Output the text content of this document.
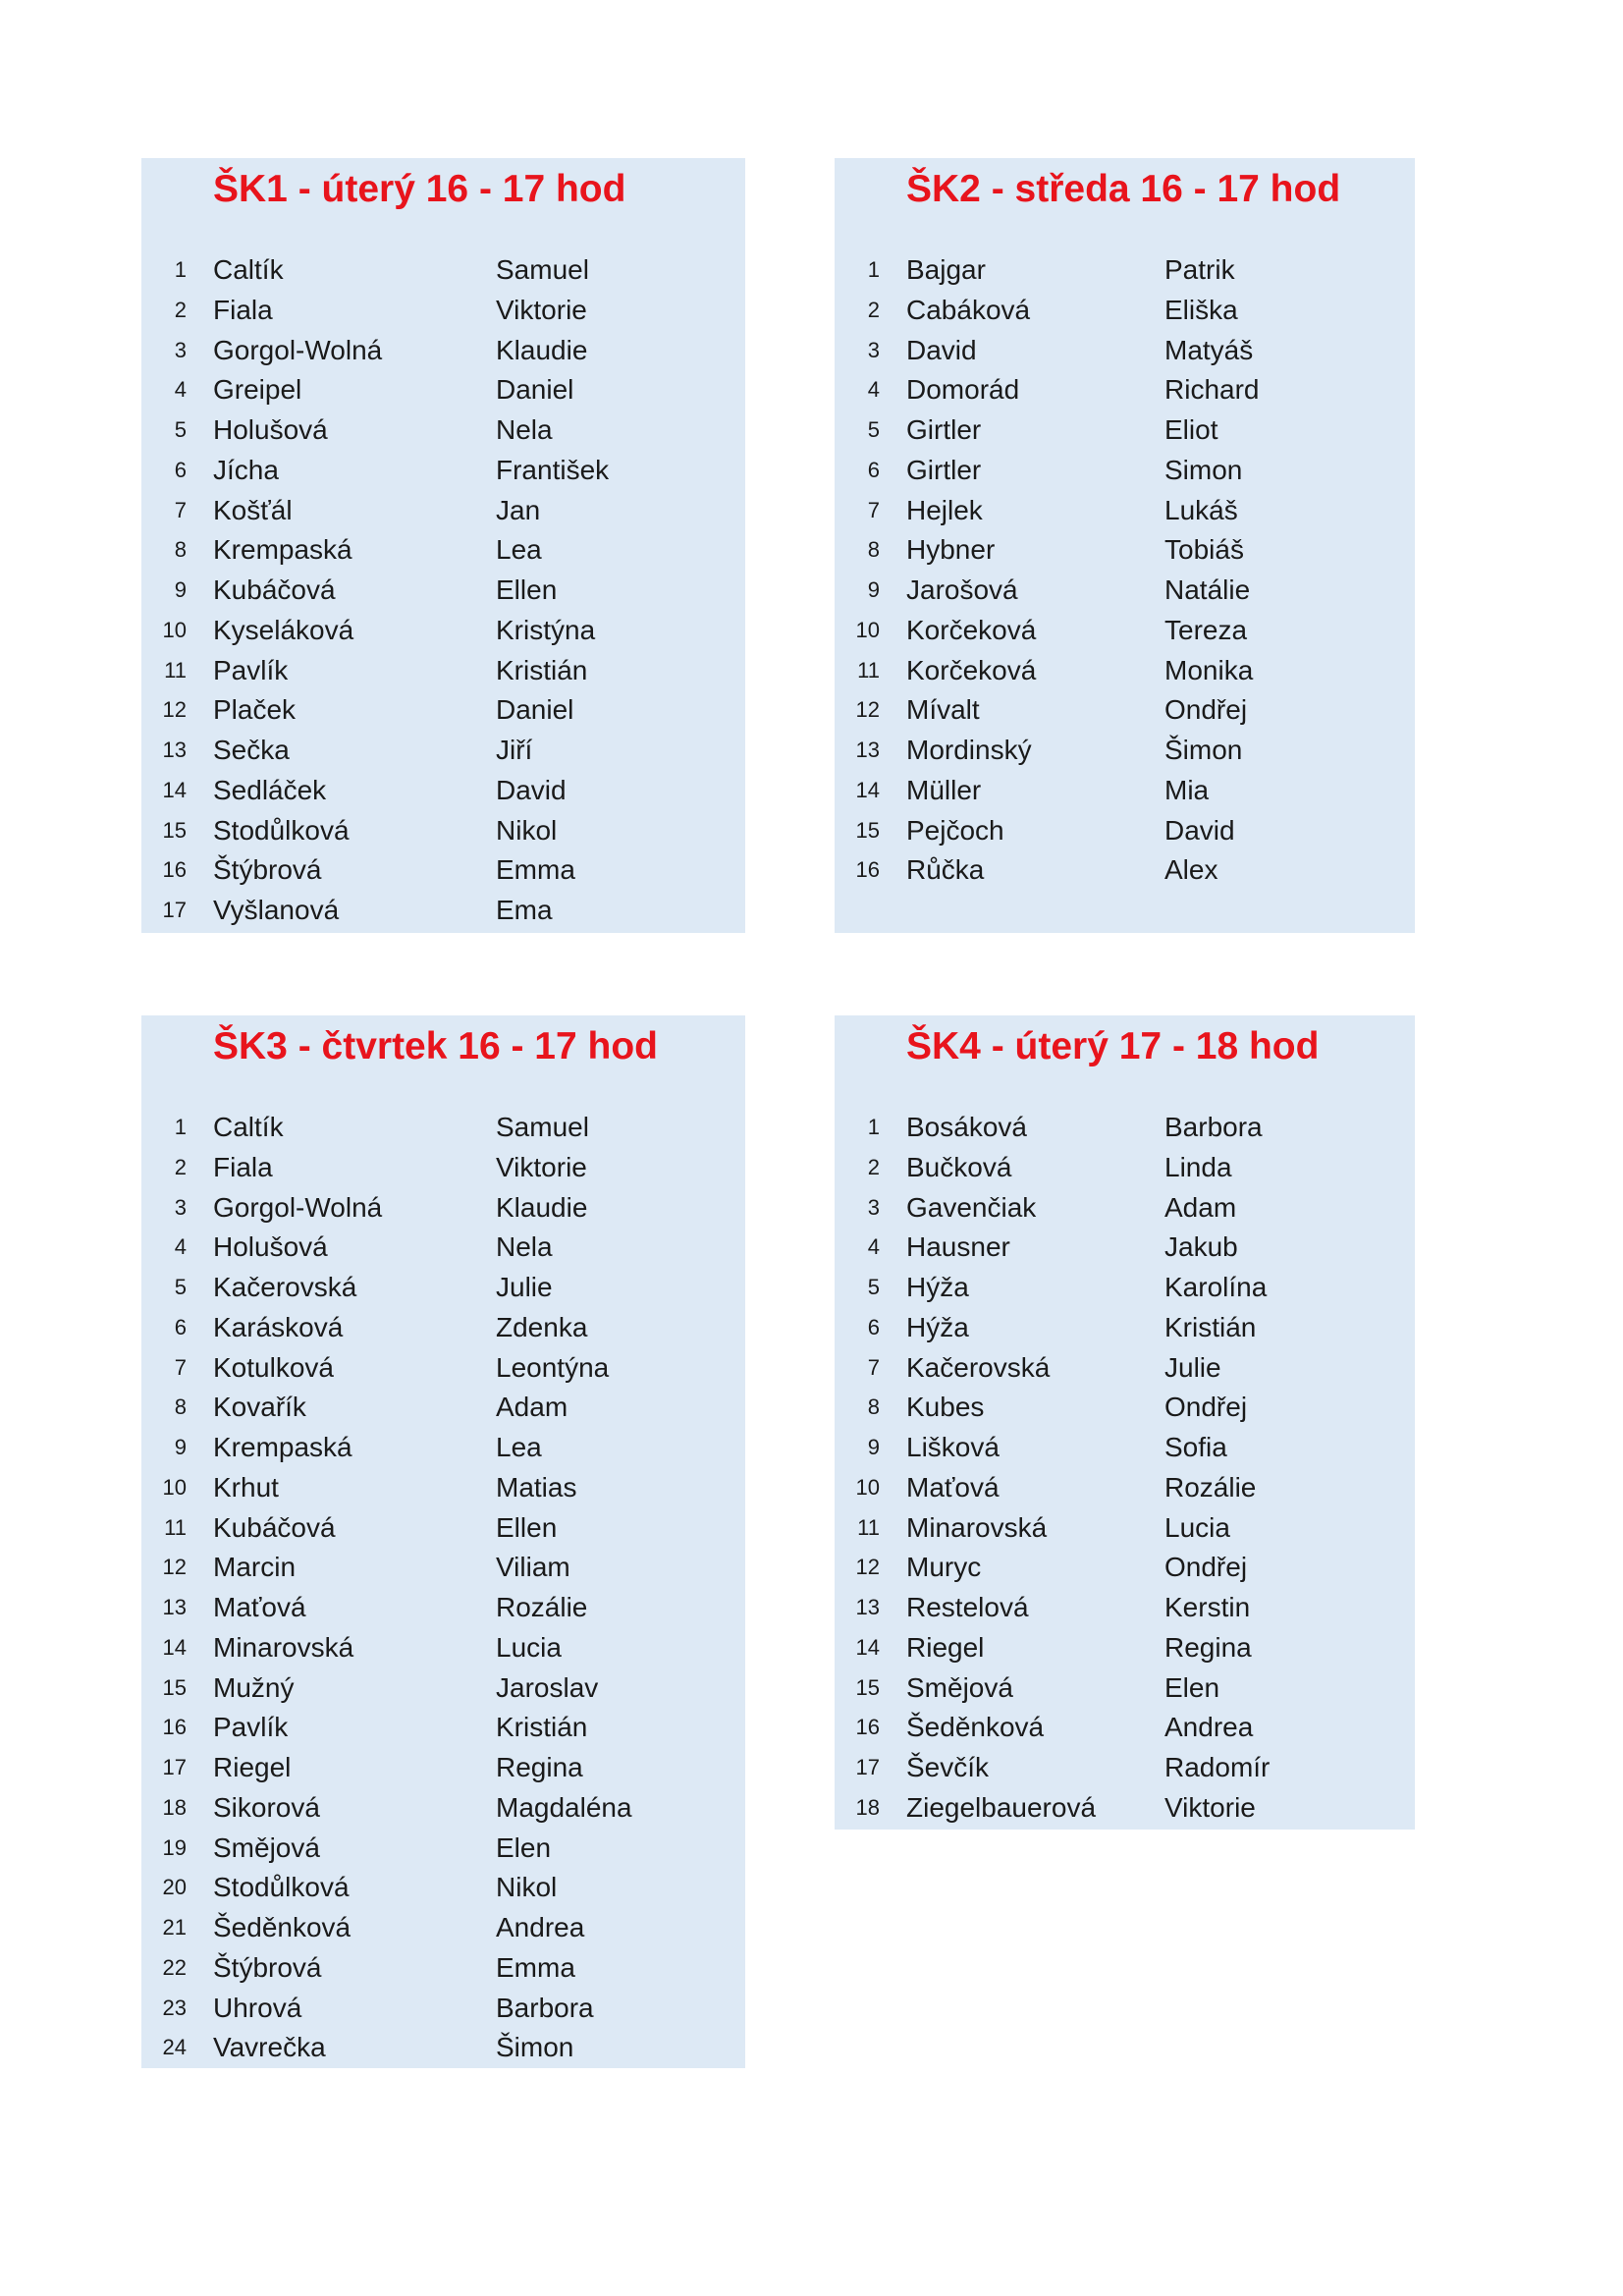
ŠK1 - úterý 16 - 17 hod
1 Caltík	Samuel
2 Fiala	Viktorie
3 Gorgol-Wolná	Klaudie
4 Greipel	Daniel
5 Holušová	Nela
6 Jícha	František
7 Košťál	Jan
8 Krempaská	Lea
9 Kubáčová	Ellen
10 Kyseláková	Kristýna
11 Pavlík	Kristián
12 Plaček	Daniel
13 Sečka	Jiří
14 Sedláček	David
15 Stodůlková	Nikol
16 Štýbrová	Emma
17 Vyšlanová	Ema
ŠK2 - středa 16 - 17 hod
1 Bajgar	Patrik
2 Cabáková	Eliška
3 David	Matyáš
4 Domorád	Richard
5 Girtler	Eliot
6 Girtler	Simon
7 Hejlek	Lukáš
8 Hybner	Tobiáš
9 Jarošová	Natálie
10 Korčeková	Tereza
11 Korčeková	Monika
12 Mívalt	Ondřej
13 Mordinský	Šimon
14 Müller	Mia
15 Pejčoch	David
16 Růčka	Alex
ŠK3 - čtvrtek 16 - 17 hod
1 Caltík	Samuel
2 Fiala	Viktorie
3 Gorgol-Wolná	Klaudie
4 Holušová	Nela
5 Kačerovská	Julie
6 Karásková	Zdenka
7 Kotulková	Leontýna
8 Kovařík	Adam
9 Krempaská	Lea
10 Krhut	Matias
11 Kubáčová	Ellen
12 Marcin	Viliam
13 Maťová	Rozálie
14 Minarovská	Lucia
15 Mužný	Jaroslav
16 Pavlík	Kristián
17 Riegel	Regina
18 Sikorová	Magdaléna
19 Smějová	Elen
20 Stodůlková	Nikol
21 Šeděnková	Andrea
22 Štýbrová	Emma
23 Uhrová	Barbora
24 Vavrečka	Šimon
ŠK4 - úterý 17 - 18 hod
1 Bosáková	Barbora
2 Bučková	Linda
3 Gavenčiak	Adam
4 Hausner	Jakub
5 Hýža	Karolína
6 Hýža	Kristián
7 Kačerovská	Julie
8 Kubes	Ondřej
9 Lišková	Sofia
10 Maťová	Rozálie
11 Minarovská	Lucia
12 Muryc	Ondřej
13 Restelová	Kerstin
14 Riegel	Regina
15 Smějová	Elen
16 Šeděnková	Andrea
17 Ševčík	Radomír
18 Ziegelbauerová Viktorie
